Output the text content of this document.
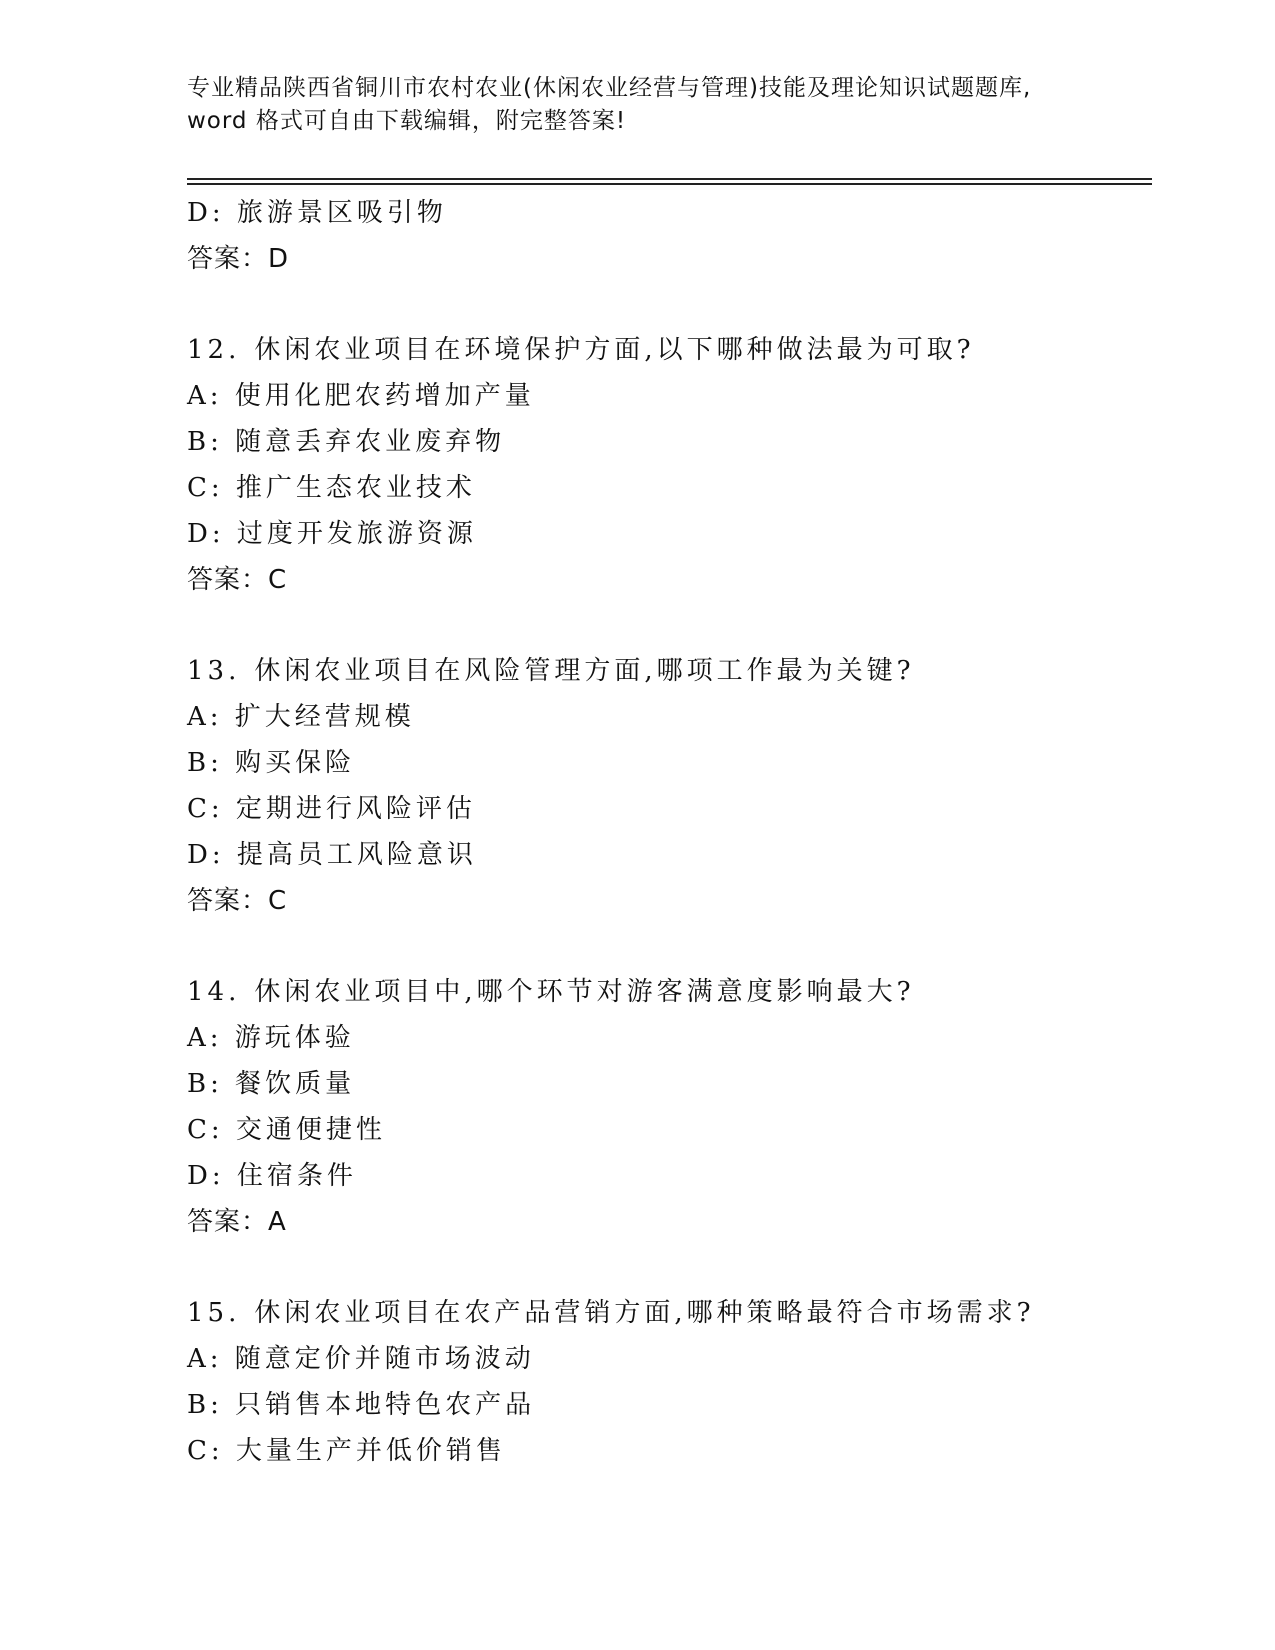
专业精品陕西省铜川市农村农业(休闲农业经营与管理)技能及理论知识试题题库,
word 格式可自由下载编辑，附完整答案!
D: 旅游景区吸引物
答案：D
12. 休闲农业项目在环境保护方面,以下哪种做法最为可取?
A: 使用化肥农药增加产量
B: 随意丢弃农业废弃物
C: 推广生态农业技术
D: 过度开发旅游资源
答案：C
13. 休闲农业项目在风险管理方面,哪项工作最为关键?
A: 扩大经营规模
B: 购买保险
C: 定期进行风险评估
D: 提高员工风险意识
答案：C
14. 休闲农业项目中,哪个环节对游客满意度影响最大?
A: 游玩体验
B: 餐饮质量
C: 交通便捷性
D: 住宿条件
答案：A
15. 休闲农业项目在农产品营销方面,哪种策略最符合市场需求?
A: 随意定价并随市场波动
B: 只销售本地特色农产品
C: 大量生产并低价销售
